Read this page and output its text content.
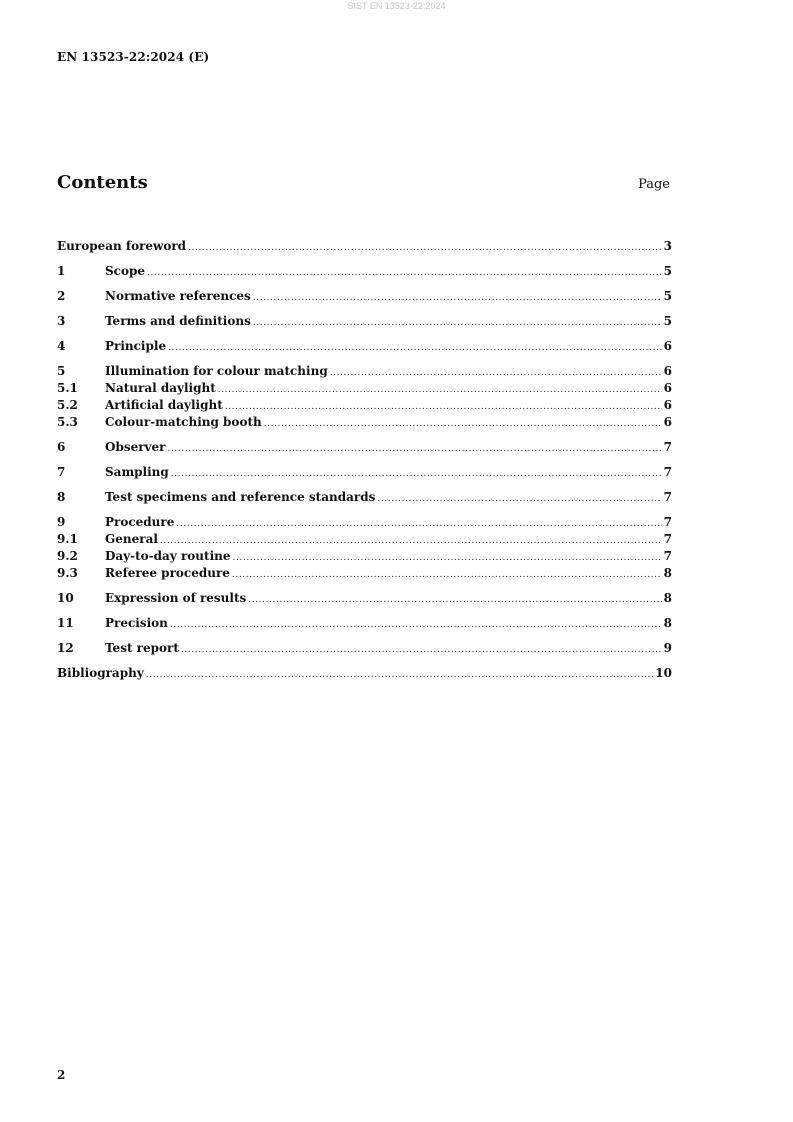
SIST EN 13523-22:2024
EN 13523-22:2024 (E)
Contents	Page
European foreword .....	3
1	Scope .....	5
2	Normative references .....	5
3	Terms and definitions .....	5
4	Principle .....	6
5	Illumination for colour matching .....	6
5.1	Natural daylight .....	6
5.2	Artificial daylight .....	6
5.3	Colour-matching booth .....	6
6	Observer .....	7
7	Sampling .....	7
8	Test specimens and reference standards .....	7
9	Procedure .....	7
9.1	General .....	7
9.2	Day-to-day routine .....	7
9.3	Referee procedure .....	8
10	Expression of results .....	8
11	Precision .....	8
12	Test report .....	9
Bibliography .....	10
2
